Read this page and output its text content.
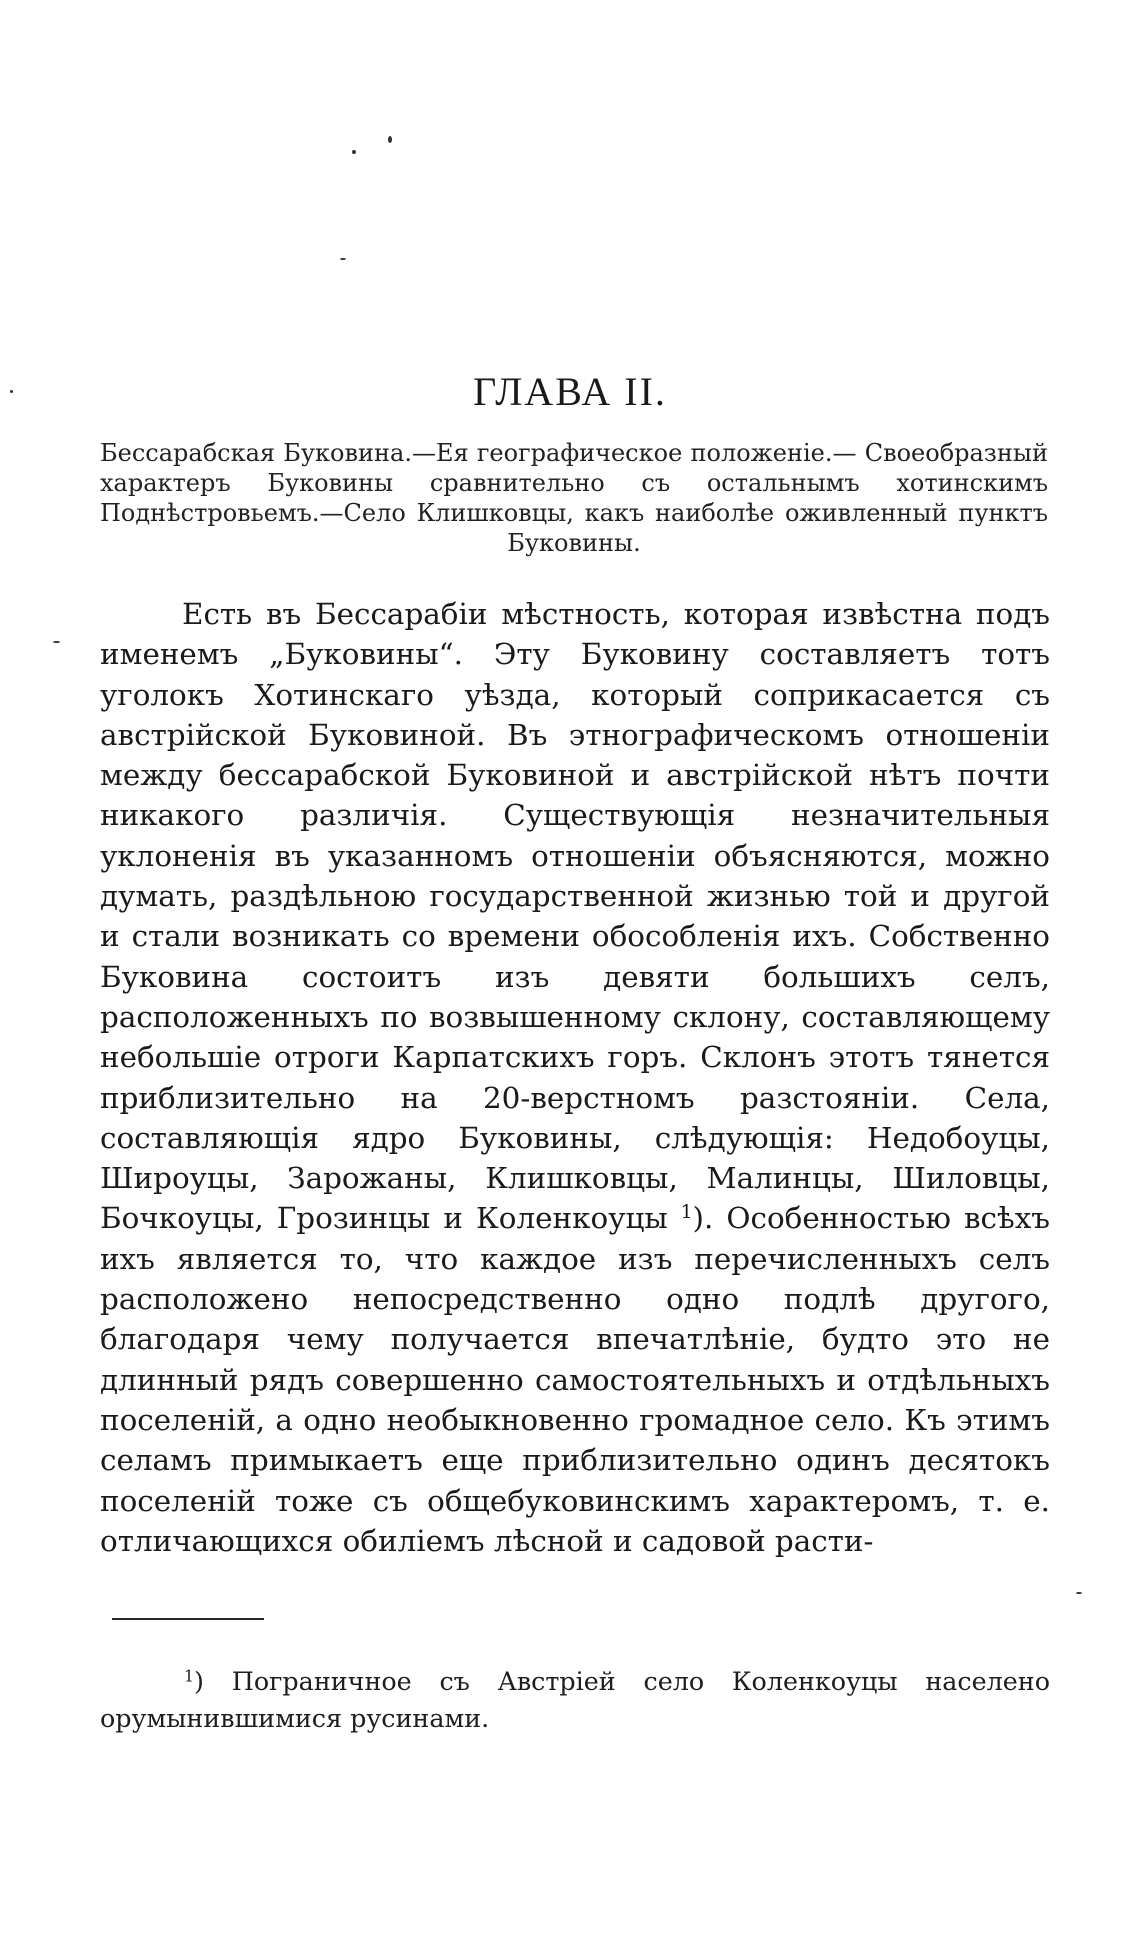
ГЛАВА II.

Бессарабская Буковина.—Ея географическое положеніе.— Своеобразный характеръ Буковины сравнительно съ остальнымъ хотинскимъ Поднѣстровьемъ.—Село Клишковцы, какъ наиболѣе оживленный пунктъ Буковины.

Есть въ Бессарабіи мѣстность, которая извѣстна подъ именемъ „Буковины“. Эту Буковину составляетъ тотъ уголокъ Хотинскаго уѣзда, который соприкасается съ австрійской Буковиной. Въ этнографическомъ отношеніи между бессарабской Буковиной и австрійской нѣтъ почти никакого различія. Существующія незначительныя уклоненія въ указанномъ отношеніи объясняются, можно думать, раздѣльною государственной жизнью той и другой и стали возникать со времени обособленія ихъ. Собственно Буковина состоитъ изъ девяти большихъ селъ, расположенныхъ по возвышенному склону, составляющему небольшіе отроги Карпатскихъ горъ. Склонъ этотъ тянется приблизительно на 20-верстномъ разстояніи. Села, составляющія ядро Буковины, слѣдующія: Недобоуцы, Широуцы, Зарожаны, Клишковцы, Малинцы, Шиловцы, Бочкоуцы, Грозинцы и Коленкоуцы $^1$). Особенностью всѣхъ ихъ является то, что каждое изъ перечисленныхъ селъ расположено непосредственно одно подлѣ другого, благодаря чему получается впечатлѣніе, будто это не длинный рядъ совершенно самостоятельныхъ и отдѣльныхъ поселеній, а одно необыкновенно громадное село. Къ этимъ селамъ примыкаетъ еще приблизительно одинъ десятокъ поселеній тоже съ общебуковинскимъ характеромъ, т. е. отличающихся обиліемъ лѣсной и садовой расти-

$^1$) Пограничное съ Австріей село Коленкоуцы населено орумынившимися русинами.
